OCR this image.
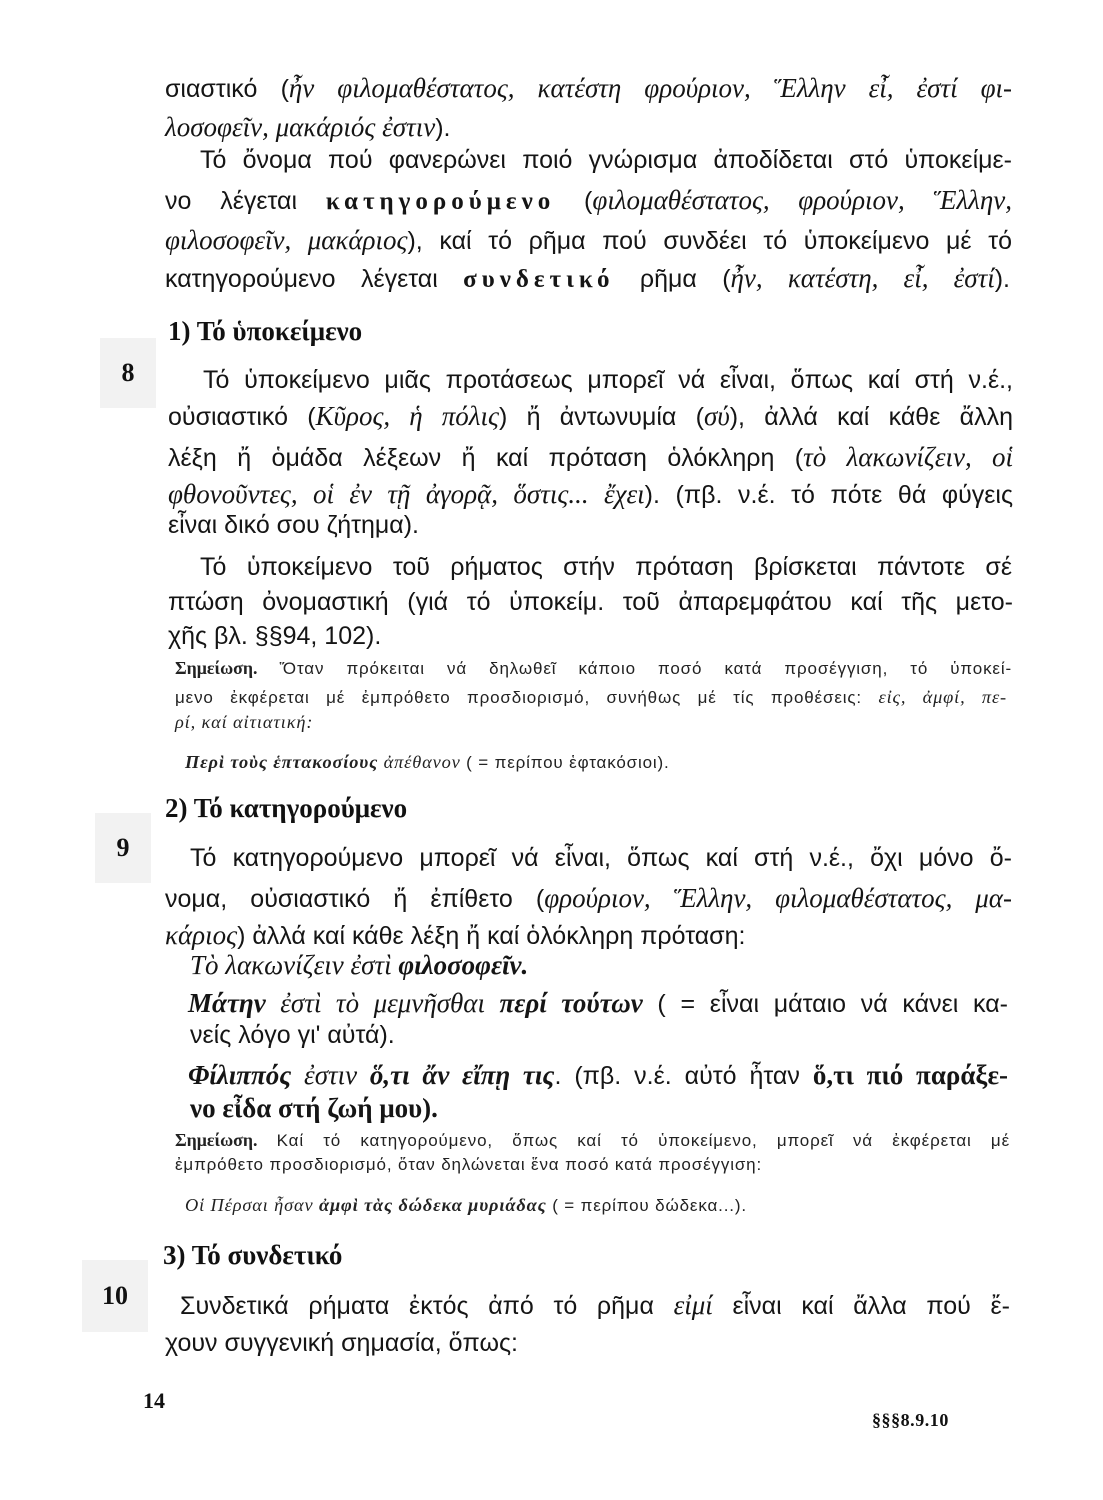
σιαστικό (ἦν φιλομαθέστατος, κατέστη φρούριον, Ἕλλην εἶ, ἐστί φι-
λοσοφεῖν, μακάριός ἐστιν).
Τό ὄνομα πού φανερώνει ποιό γνώρισμα ἀποδίδεται στό ὑποκείμε-
νο λέγεται κατηγορούμενο (φιλομαθέστατος, φρούριον, Ἕλλην,
φιλοσοφεῖν, μακάριος), καί τό ρῆμα πού συνδέει τό ὑποκείμενο μέ τό
κατηγορούμενο λέγεται συνδετικό ρῆμα (ἦν, κατέστη, εἶ, ἐστί).
1) Τό ὑποκείμενο
8	Τό ὑποκείμενο μιᾶς προτάσεως μπορεῖ νά εἶναι, ὅπως καί στή ν.έ.,
οὐσιαστικό (Κῦρος, ἡ πόλις) ἤ ἀντωνυμία (σύ), ἀλλά καί κάθε ἄλλη
λέξη ἤ ὁμάδα λέξεων ἤ καί πρόταση ὁλόκληρη (τὸ λακωνίζειν, οἱ
φθονοῦντες, οἱ ἐν τῇ ἀγορᾷ, ὅστις... ἔχει). (πβ. ν.έ. τό πότε θά φύγεις
εἶναι δικό σου ζήτημα).
Τό ὑποκείμενο τοῦ ρήματος στήν πρόταση βρίσκεται πάντοτε σέ
πτώση ὀνομαστική (γιά τό ὑποκείμ. τοῦ ἀπαρεμφάτου καί τῆς μετο-
χῆς βλ. §§94, 102).
Σημείωση. Ὅταν πρόκειται νά δηλωθεῖ κάποιο ποσό κατά προσέγγιση, τό ὑποκεί-
μενο ἐκφέρεται μέ ἐμπρόθετο προσδιορισμό, συνήθως μέ τίς προθέσεις: εἰς, ἀμφί, πε-
ρί, καί αἰτιατική:
Περὶ τοὺς ἑπτακοσίους ἀπέθανον ( = περίπου ἑφτακόσιοι).
2) Τό κατηγορούμενο
9	Τό κατηγορούμενο μπορεῖ νά εἶναι, ὅπως καί στή ν.έ., ὄχι μόνο ὄ-
νομα, οὐσιαστικό ἤ ἐπίθετο (φρούριον, Ἕλλην, φιλομαθέστατος, μα-
κάριος) ἀλλά καί κάθε λέξη ἤ καί ὁλόκληρη πρόταση:
Τὸ λακωνίζειν ἐστὶ φιλοσοφεῖν.
Μάτην ἐστὶ τὸ μεμνῆσθαι περί τούτων ( = εἶναι μάταιο νά κάνει κα-
νείς λόγο γι' αὐτά).
Φίλιππός ἐστιν ὅ,τι ἄν εἴπῃ τις. (πβ. ν.έ. αὐτό ἦταν ὅ,τι πιό παράξε-
νο εἶδα στή ζωή μου).
Σημείωση. Καί τό κατηγορούμενο, ὅπως καί τό ὑποκείμενο, μπορεῖ νά ἐκφέρεται μέ
ἐμπρόθετο προσδιορισμό, ὅταν δηλώνεται ἕνα ποσό κατά προσέγγιση:
Οἱ Πέρσαι ἦσαν ἀμφὶ τὰς δώδεκα μυριάδας ( = περίπου δώδεκα...).
3) Τό συνδετικό
10	Συνδετικά ρήματα ἐκτός ἀπό τό ρῆμα εἰμί εἶναι καί ἄλλα πού ἔ-
χουν συγγενική σημασία, ὅπως:
14
§§§8.9.10
